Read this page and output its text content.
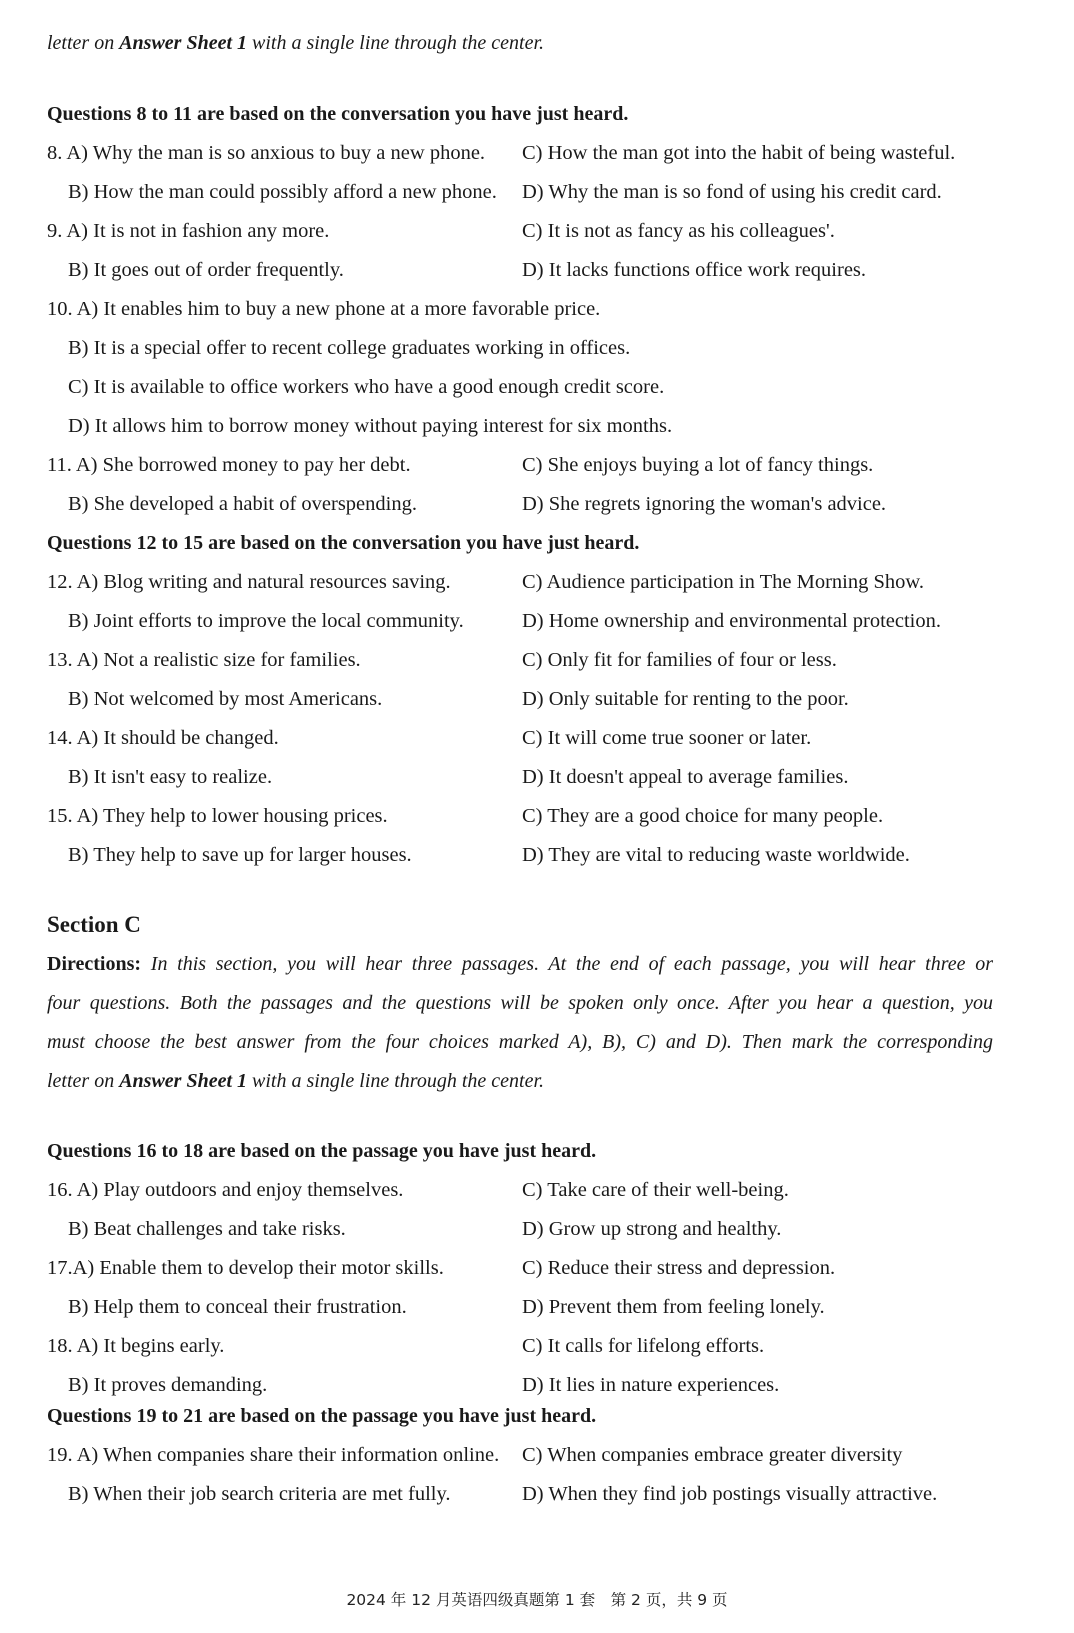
letter on Answer Sheet 1 with a single line through the center.
Questions 8 to 11 are based on the conversation you have just heard.
8. A) Why the man is so anxious to buy a new phone. C) How the man got into the habit of being wasteful.
B) How the man could possibly afford a new phone. D) Why the man is so fond of using his credit card.
9. A) It is not in fashion any more.	C) It is not as fancy as his colleagues'.
B) It goes out of order frequently.	D) It lacks functions office work requires.
10. A) It enables him to buy a new phone at a more favorable price.
B) It is a special offer to recent college graduates working in offices.
C) It is available to office workers who have a good enough credit score.
D) It allows him to borrow money without paying interest for six months.
11. A) She borrowed money to pay her debt.	C) She enjoys buying a lot of fancy things.
B) She developed a habit of overspending.	D) She regrets ignoring the woman's advice.
Questions 12 to 15 are based on the conversation you have just heard.
12. A) Blog writing and natural resources saving.	C) Audience participation in The Morning Show.
B) Joint efforts to improve the local community.	D) Home ownership and environmental protection.
13. A) Not a realistic size for families.	C) Only fit for families of four or less.
B) Not welcomed by most Americans.	D) Only suitable for renting to the poor.
14. A) It should be changed.	C) It will come true sooner or later.
B) It isn't easy to realize.	D) It doesn't appeal to average families.
15. A) They help to lower housing prices.	C) They are a good choice for many people.
B) They help to save up for larger houses.	D) They are vital to reducing waste worldwide.
Section C
Directions: In this section, you will hear three passages. At the end of each passage, you will hear three or
four questions. Both the passages and the questions will be spoken only once. After you hear a question, you
must choose the best answer from the four choices marked A), B), C) and D). Then mark the corresponding
letter on Answer Sheet 1 with a single line through the center.
Questions 16 to 18 are based on the passage you have just heard.
16. A) Play outdoors and enjoy themselves.	C) Take care of their well-being.
B) Beat challenges and take risks.	D) Grow up strong and healthy.
17.A) Enable them to develop their motor skills.	C) Reduce their stress and depression.
B) Help them to conceal their frustration.	D) Prevent them from feeling lonely.
18. A) It begins early.	C) It calls for lifelong efforts.
B) It proves demanding.	D) It lies in nature experiences.
Questions 19 to 21 are based on the passage you have just heard.
19. A) When companies share their information online. C) When companies embrace greater diversity
B) When their job search criteria are met fully.	D) When they find job postings visually attractive.
2024 年 12 月英语四级真题第 1 套　第 2 页，共 9 页
